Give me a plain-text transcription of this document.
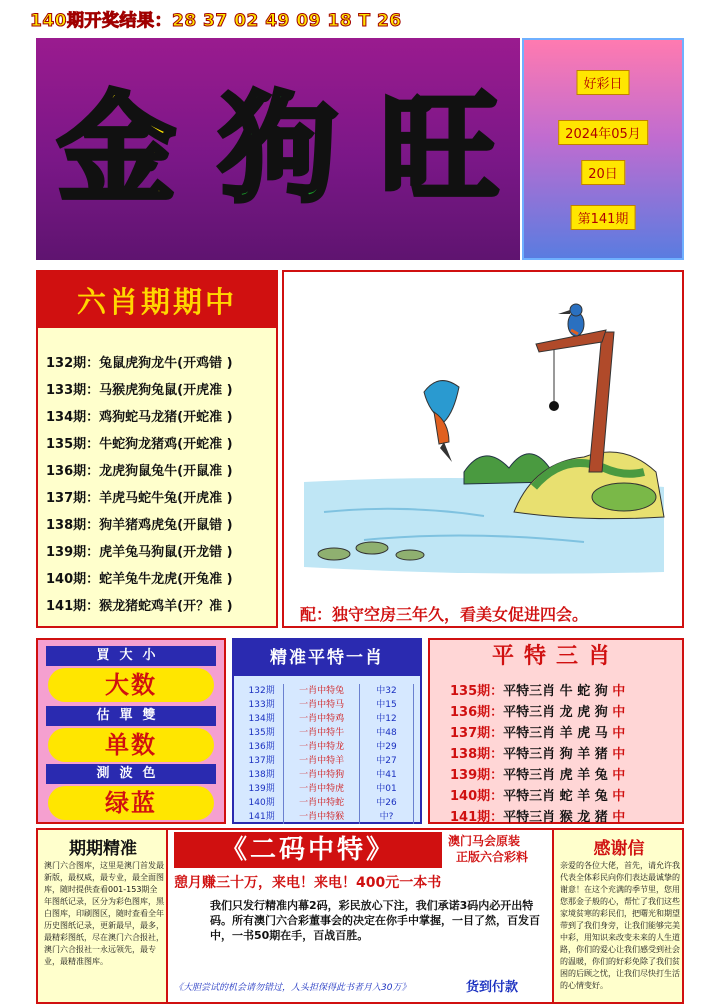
140期开奖结果：28 37 02 49 09 18 T 26
金 狗 旺	好彩日
2024年05月
20日
第141期
六肖期期中
132期：兔鼠虎狗龙牛(开鸡错 )
133期：马猴虎狗兔鼠(开虎准 )
134期：鸡狗蛇马龙猪(开蛇准 )
135期：牛蛇狗龙猪鸡(开蛇准 )
136期：龙虎狗鼠兔牛(开鼠准 )
137期：羊虎马蛇牛兔(开虎准 )
138期：狗羊猪鸡虎兔(开鼠错 )
139期：虎羊兔马狗鼠(开龙错 )
140期：蛇羊兔牛龙虎(开兔准 )
141期：猴龙猪蛇鸡羊(开？准 )	配：独守空房三年久，看美女促进四会。
買大小
大数
估單雙
单数
測波色
绿蓝
精准平特一肖
132期	一肖中特兔	中32
133期	一肖中特马	中15
134期	一肖中特鸡	中12
135期	一肖中特牛	中48
136期	一肖中特龙	中29
137期	一肖中特羊	中27
138期	一肖中特狗	中41
139期	一肖中特虎	中01
140期	一肖中特蛇	中26
141期	一肖中特猴	中?
平特三肖
135期：平特三肖 牛 蛇 狗 中
136期：平特三肖 龙 虎 狗 中
137期：平特三肖 羊 虎 马 中
138期：平特三肖 狗 羊 猪 中
139期：平特三肖 虎 羊 兔 中
140期：平特三肖 蛇 羊 兔 中
141期：平特三肖 猴 龙 猪 中
期期精准
澳门六合图库，这里是澳门首发最新版，最权威，最专业，最全面图库，随时提供查看001-153期全年图纸记录，区分为彩色图库，黑白图库，印刷图区，随时查看全年历史图纸记录，更新最早，最多，最精彩图纸，尽在澳门六合报社，澳门六合报社一永远领先，最专业，最精准图库。
《二码中特》	澳门马会原装
正版六合彩料
憩月赚三十万，来电！来电！400元一本书
我们只发行精准内幕2码，彩民放心下注，我们承诺3码内必开出特码。所有澳门六合彩董事会的决定在你手中掌握，一目了然，百发百中，一书50期在手，百战百胜。
《大胆尝试的机会请勿错过，人头担保得此书者月入30万》	货到付款
感谢信
亲爱的各位大佬，首先，请允许我代表全体彩民向你们表达最诚挚的谢意！在这个充满的季节里，您用您那金子般的心，帮忙了我们这些家境贫寒的彩民们，把曙光和期望带到了我们身旁，让我们能够完美中彩，用知识来改变未来的人生道路，你们的爱心让我们感受到社会的温暖，你们的好彩免除了我们贫困的后顾之忧，让我们尽快打生活的心情变好。
